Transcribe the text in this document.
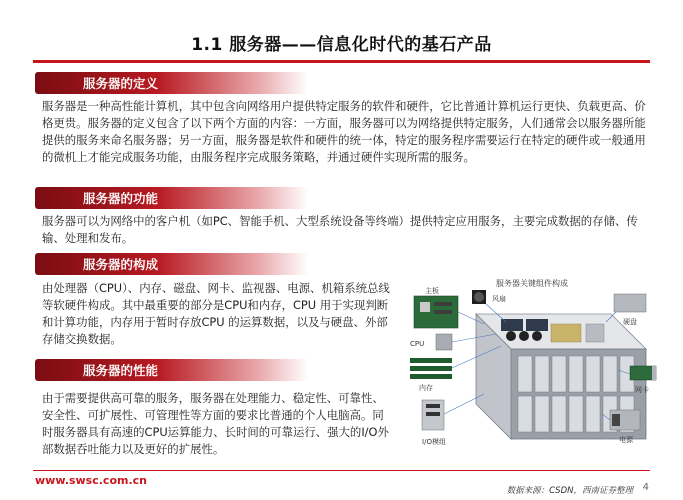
1.1 服务器——信息化时代的基石产品
服务器的定义

服务器是一种高性能计算机，其中包含向网络用户提供特定服务的软件和硬件，它比普通计算机运行更快、负载更高、价格更贵。服务器的定义包含了以下两个方面的内容：一方面，服务器可以为网络提供特定服务，人们通常会以服务器所能提供的服务来命名服务器；另一方面，服务器是软件和硬件的统一体，特定的服务程序需要运行在特定的硬件或一般通用的微机上才能完成服务功能，由服务程序完成服务策略，并通过硬件实现所需的服务。

服务器的功能

服务器可以为网络中的客户机（如PC、智能手机、大型系统设备等终端）提供特定应用服务，主要完成数据的存储、传输、处理和发布。

服务器的构成

由处理器（CPU）、内存、磁盘、网卡、监视器、电源、机箱系统总线等软硬件构成。其中最重要的部分是CPU和内存，CPU 用于实现判断和计算功能，内存用于暂时存放CPU 的运算数据，以及与硬盘、外部存储交换数据。

服务器的性能

由于需要提供高可靠的服务，服务器在处理能力、稳定性、可靠性、安全性、可扩展性、可管理性等方面的要求比普通的个人电脑高。同时服务器具有高速的CPU运算能力、长时间的可靠运行、强大的I/O外部数据吞吐能力以及更好的扩展性。

服务器关键组件构成
主板
风扇
硬盘
CPU
内存	网卡
I/O模组	电源
www.swsc.com.cn
数据来源：CSDN，西南证券整理 4
